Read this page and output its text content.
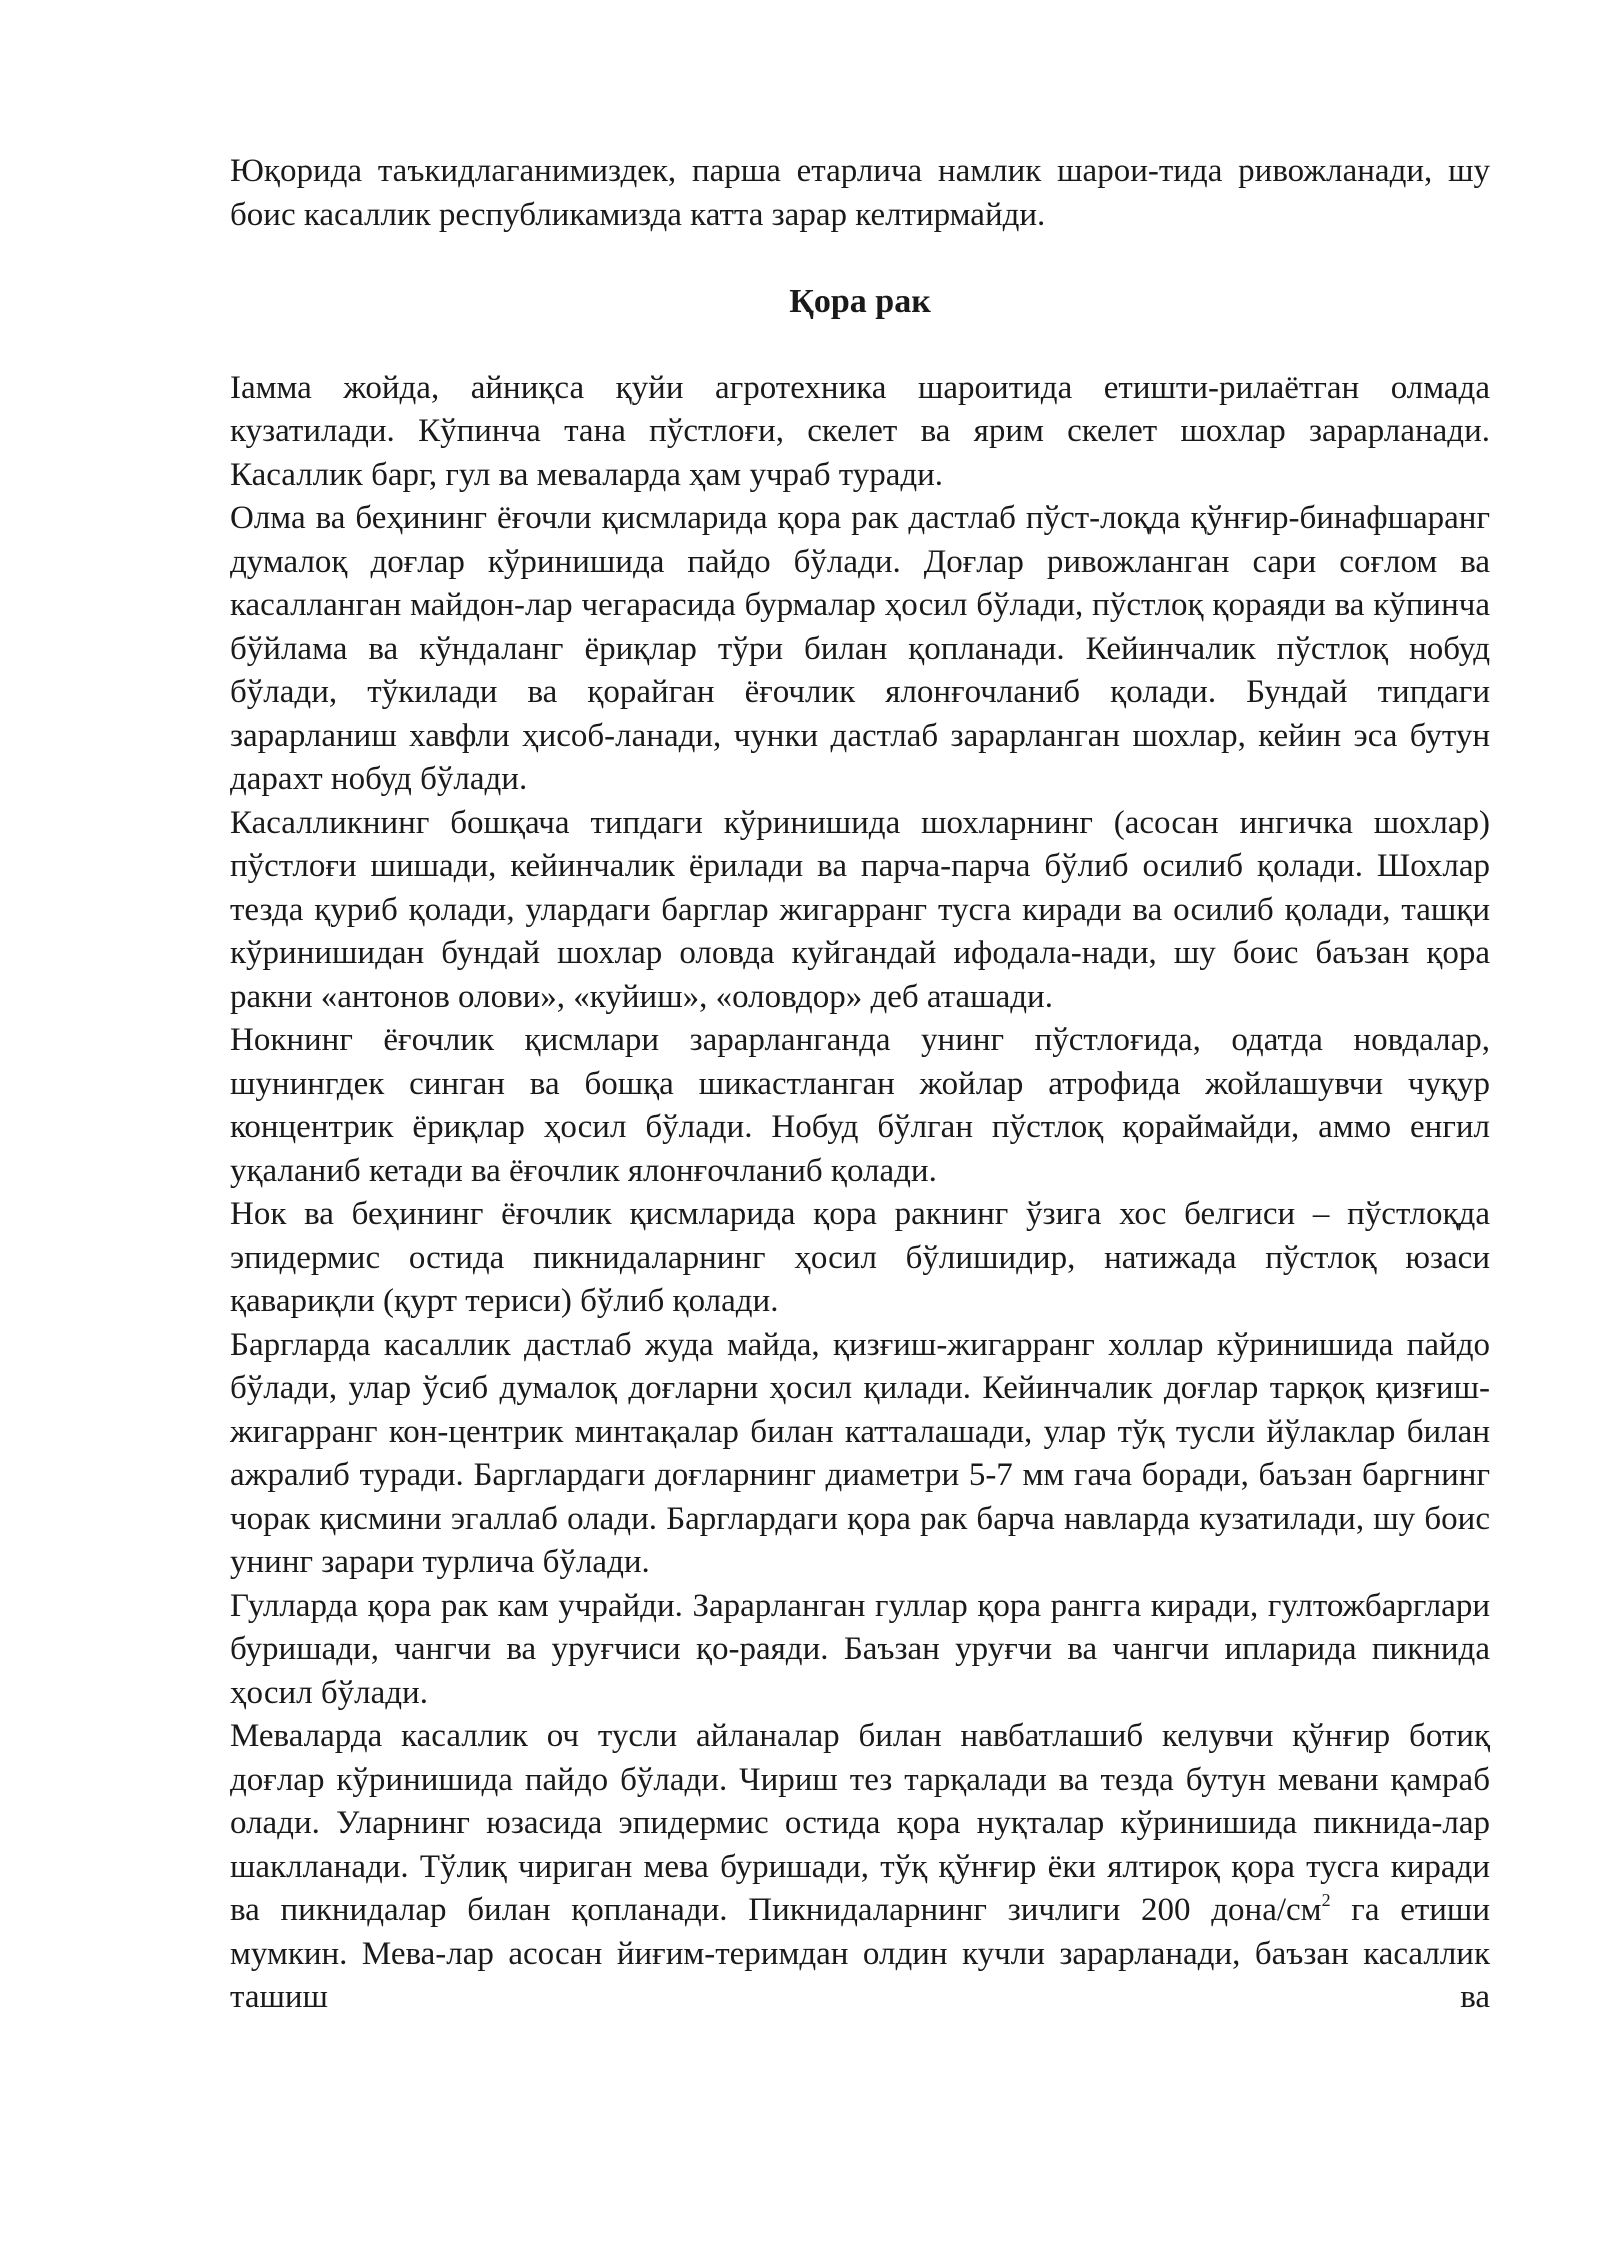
Юқорида таъкидлаганимиздек, парша етарлича намлик шарои-тида ривожланади, шу боис касаллик республикамизда катта зарар келтирмайди.

Қора рак

Iамма жойда, айниқса қуйи агротехника шароитида етишти-рилаётган олмада кузатилади. Кўпинча тана пўстлоғи, скелет ва ярим скелет шохлар зарарланади. Касаллик барг, гул ва меваларда ҳам учраб туради.

Олма ва беҳининг ёғочли қисмларида қора рак дастлаб пўст-лоқда қўнғир-бинафшаранг думалоқ доғлар кўринишида пайдо бўлади. Доғлар ривожланган сари соғлом ва касалланган майдон-лар чегарасида бурмалар ҳосил бўлади, пўстлоқ қораяди ва кўпинча бўйлама ва кўндаланг ёриқлар тўри билан қопланади. Кейинчалик пўстлоқ нобуд бўлади, тўкилади ва қорайган ёғочлик ялонғочланиб қолади. Бундай типдаги зарарланиш хавфли ҳисоб-ланади, чунки дастлаб зарарланган шохлар, кейин эса бутун дарахт нобуд бўлади.

Касалликнинг бошқача типдаги кўринишида шохларнинг (асосан ингичка шохлар) пўстлоғи шишади, кейинчалик ёрилади ва парча-парча бўлиб осилиб қолади. Шохлар тезда қуриб қолади, улардаги барглар жигарранг тусга киради ва осилиб қолади, ташқи кўринишидан бундай шохлар оловда куйгандай ифодала-нади, шу боис баъзан қора ракни «антонов олови», «куйиш», «оловдор» деб аташади.

Нокнинг ёғочлик қисмлари зарарланганда унинг пўстлоғида, одатда новдалар, шунингдек синган ва бошқа шикастланган жойлар атрофида жойлашувчи чуқур концентрик ёриқлар ҳосил бўлади. Нобуд бўлган пўстлоқ қораймайди, аммо енгил уқаланиб кетади ва ёғочлик ялонғочланиб қолади.

Нок ва беҳининг ёғочлик қисмларида қора ракнинг ўзига хос белгиси – пўстлоқда эпидермис остида пикнидаларнинг ҳосил бўлишидир, натижада пўстлоқ юзаси қавариқли (қурт териси) бўлиб қолади.

Баргларда касаллик дастлаб жуда майда, қизғиш-жигарранг холлар кўринишида пайдо бўлади, улар ўсиб думалоқ доғларни ҳосил қилади. Кейинчалик доғлар тарқоқ қизғиш-жигарранг кон-центрик минтақалар билан катталашади, улар тўқ тусли йўлаклар билан ажралиб туради. Барглардаги доғларнинг диаметри 5-7 мм гача боради, баъзан баргнинг чорак қисмини эгаллаб олади. Барглардаги қора рак барча навларда кузатилади, шу боис унинг зарари турлича бўлади.

Гулларда қора рак кам учрайди. Зарарланган гуллар қора рангга киради, гултожбарглари буришади, чангчи ва уруғчиси қо-раяди. Баъзан уруғчи ва чангчи ипларида пикнида ҳосил бўлади.

Меваларда касаллик оч тусли айланалар билан навбатлашиб келувчи қўнғир ботиқ доғлар кўринишида пайдо бўлади. Чириш тез тарқалади ва тезда бутун мевани қамраб олади. Уларнинг юзасида эпидермис остида қора нуқталар кўринишида пикнида-лар шаклланади. Тўлиқ чириган мева буришади, тўқ қўнғир ёки ялтироқ қора тусга киради ва пикнидалар билан қопланади. Пикнидаларнинг зичлиги 200 дона/$см^2$ га етиши мумкин. Мева-лар асосан йиғим-теримдан олдин кучли зарарланади, баъзан касаллик ташиш ва
